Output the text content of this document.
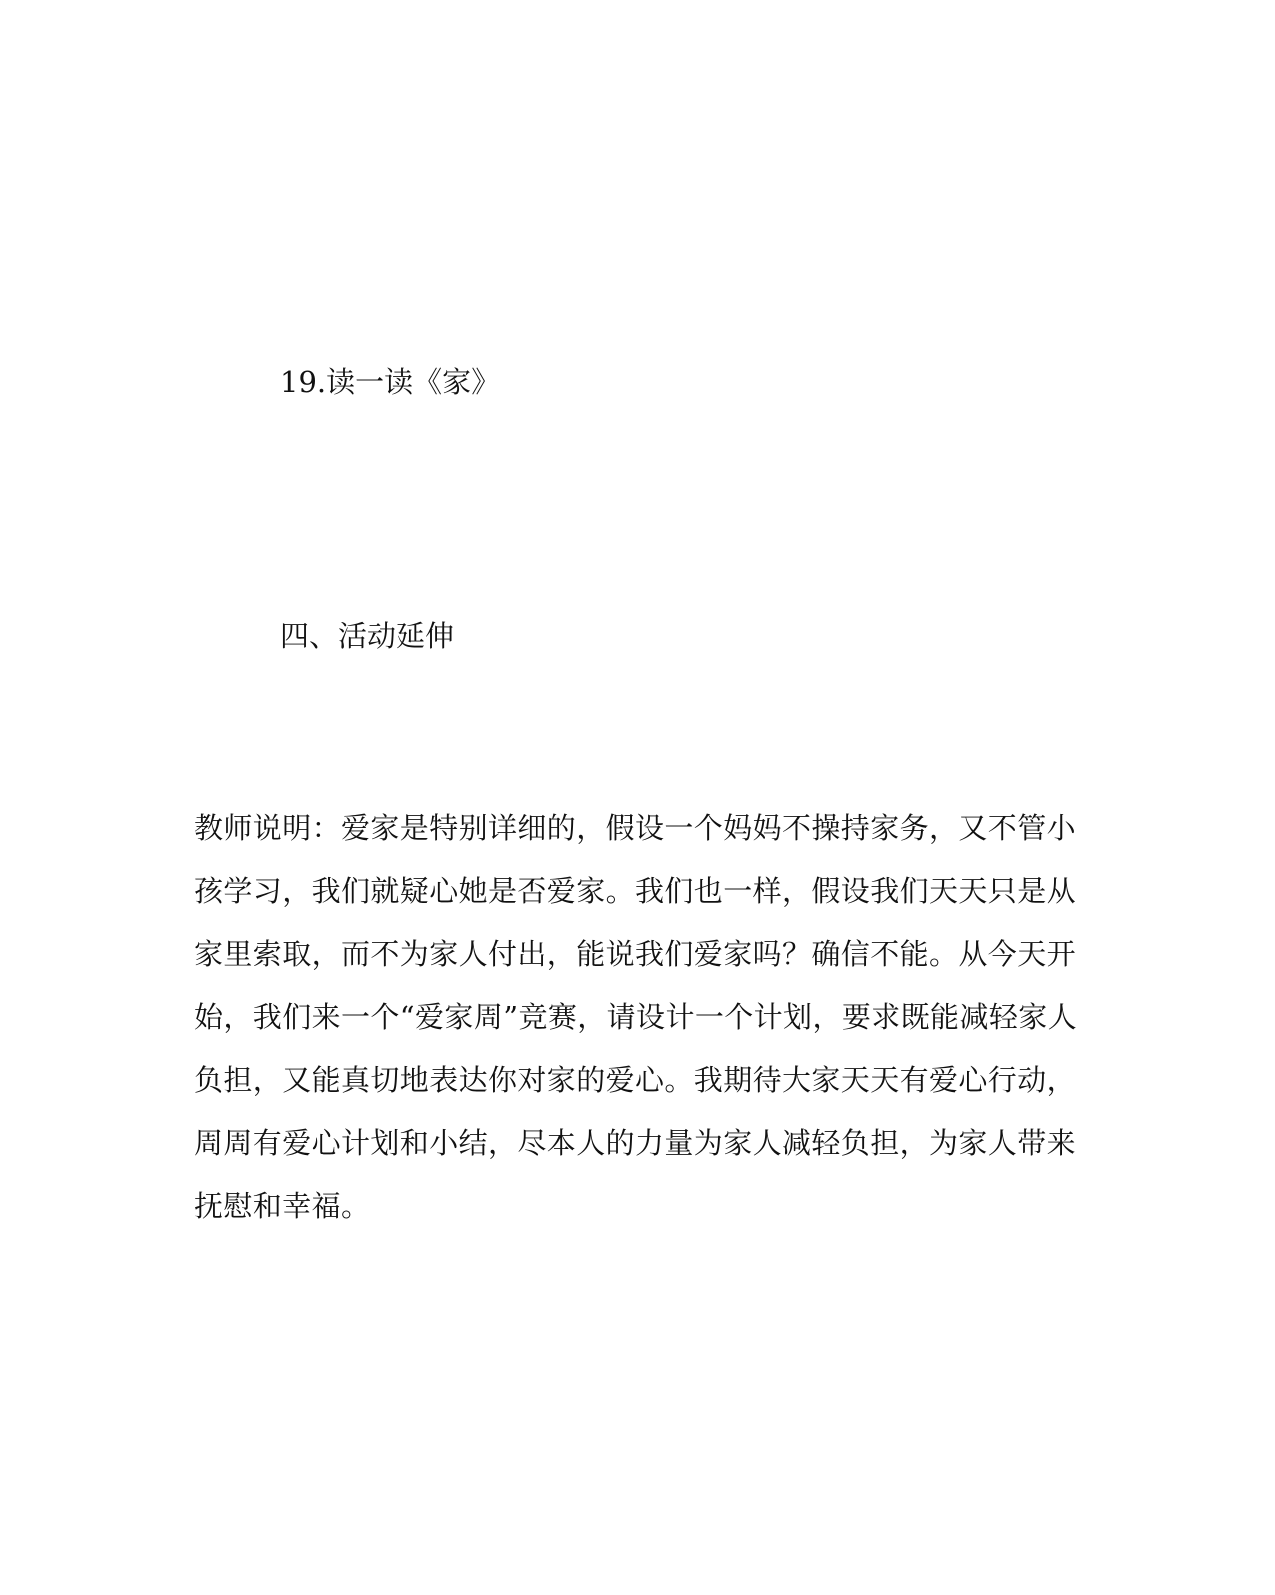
19.读一读《家》
四、活动延伸
教师说明：爱家是特别详细的，假设一个妈妈不操持家务，又不管小
孩学习，我们就疑心她是否爱家。我们也一样，假设我们天天只是从
家里索取，而不为家人付出，能说我们爱家吗？确信不能。从今天开
始，我们来一个“爱家周”竞赛，请设计一个计划，要求既能减轻家人
负担，又能真切地表达你对家的爱心。我期待大家天天有爱心行动，
周周有爱心计划和小结，尽本人的力量为家人减轻负担，为家人带来
抚慰和幸福。
